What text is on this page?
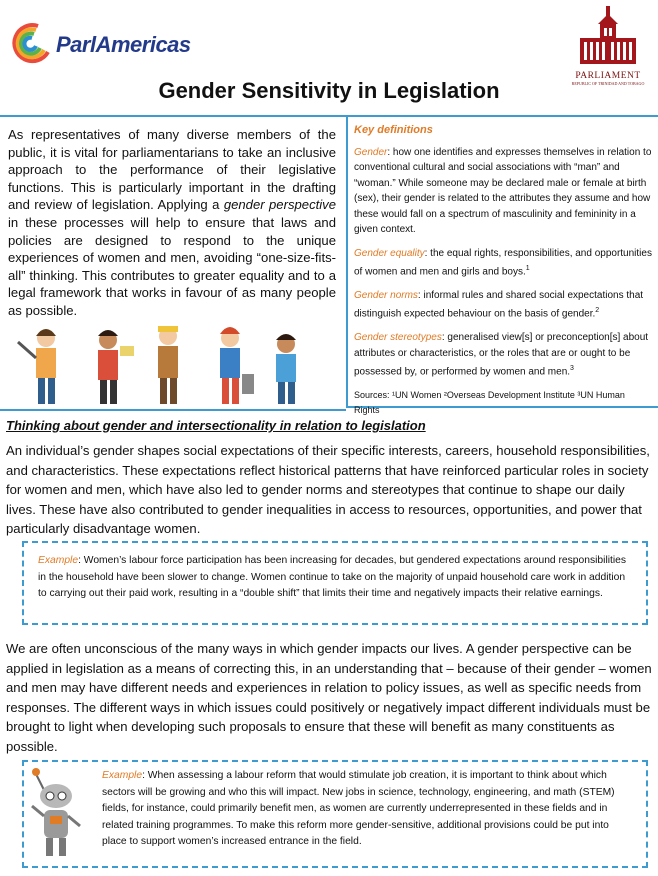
ParlAmericas
PARLIAMENT
REPUBLIC OF TRINIDAD AND TOBAGO
Gender Sensitivity in Legislation
As representatives of many diverse members of the public, it is vital for parliamentarians to take an inclusive approach to the performance of their legislative functions. This is particularly important in the drafting and review of legislation. Applying a gender perspective in these processes will help to ensure that laws and policies are designed to respond to the unique experiences of women and men, avoiding “one-size-fits-all” thinking. This contributes to greater equality and to a legal framework that works in favour of as many people as possible.
Key definitions

Gender: how one identifies and expresses themselves in relation to conventional cultural and social associations with “man” and “woman.” While someone may be declared male or female at birth (sex), their gender is related to the attributes they assume and how these would fall on a spectrum of masculinity and femininity in a given context.

Gender equality: the equal rights, responsibilities, and opportunities of women and men and girls and boys.$^1$

Gender norms: informal rules and shared social expectations that distinguish expected behaviour on the basis of gender.$^2$

Gender stereotypes: generalised view[s] or preconception[s] about attributes or characteristics, or the roles that are or ought to be possessed by, or performed by women and men.$^3$

Sources: ¹UN Women ²Overseas Development Institute ³UN Human Rights
Thinking about gender and intersectionality in relation to legislation
An individual’s gender shapes social expectations of their specific interests, careers, household responsibilities, and characteristics. These expectations reflect historical patterns that have reinforced particular roles in society for women and men, which have also led to gender norms and stereotypes that continue to shape our daily lives. These have also contributed to gender inequalities in access to resources, opportunities, and power that particularly disadvantage women.
Example: Women’s labour force participation has been increasing for decades, but gendered expectations around responsibilities in the household have been slower to change. Women continue to take on the majority of unpaid household care work in addition to carrying out their paid work, resulting in a “double shift” that limits their time and negatively impacts their relative earnings.
We are often unconscious of the many ways in which gender impacts our lives. A gender perspective can be applied in legislation as a means of correcting this, in an understanding that – because of their gender – women and men may have different needs and experiences in relation to policy issues, as well as specific needs from responses. The different ways in which issues could positively or negatively impact different individuals must be brought to light when developing such proposals to ensure that these will benefit as many constituents as possible.
Example: When assessing a labour reform that would stimulate job creation, it is important to think about which sectors will be growing and who this will impact. New jobs in science, technology, engineering, and math (STEM) fields, for instance, could primarily benefit men, as women are currently underrepresented in these fields and in related training programmes. To make this reform more gender-sensitive, additional provisions could be put into place to support women’s increased entrance in the field.
